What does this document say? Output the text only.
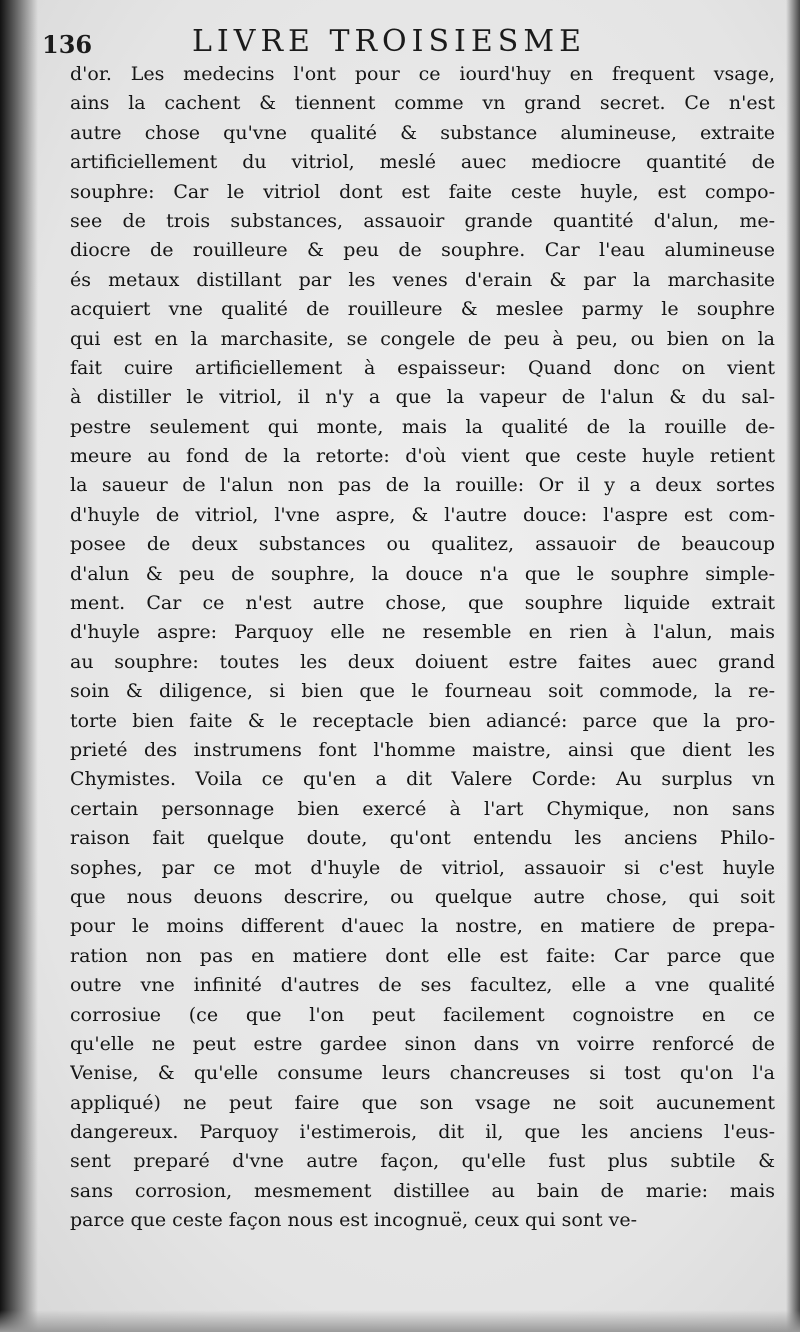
136	LIVRE TROISIESME
d'or. Les medecins l'ont pour ce iourd'huy en frequent vsage,
ains la cachent & tiennent comme vn grand secret. Ce n'est
autre chose qu'vne qualité & substance alumineuse, extraite
artificiellement du vitriol, meslé auec mediocre quantité de
souphre: Car le vitriol dont est faite ceste huyle, est compo-
see de trois substances, assauoir grande quantité d'alun, me-
diocre de rouilleure & peu de souphre. Car l'eau alumineuse
és metaux distillant par les venes d'erain & par la marchasite
acquiert vne qualité de rouilleure & meslee parmy le souphre
qui est en la marchasite, se congele de peu à peu, ou bien on la
fait cuire artificiellement à espaisseur: Quand donc on vient
à distiller le vitriol, il n'y a que la vapeur de l'alun & du sal-
pestre seulement qui monte, mais la qualité de la rouille de-
meure au fond de la retorte: d'où vient que ceste huyle retient
la saueur de l'alun non pas de la rouille: Or il y a deux sortes
d'huyle de vitriol, l'vne aspre, & l'autre douce: l'aspre est com-
posee de deux substances ou qualitez, assauoir de beaucoup
d'alun & peu de souphre, la douce n'a que le souphre simple-
ment. Car ce n'est autre chose, que souphre liquide extrait
d'huyle aspre: Parquoy elle ne resemble en rien à l'alun, mais
au souphre: toutes les deux doiuent estre faites auec grand
soin & diligence, si bien que le fourneau soit commode, la re-
torte bien faite & le receptacle bien adiancé: parce que la pro-
prieté des instrumens font l'homme maistre, ainsi que dient les
Chymistes. Voila ce qu'en a dit Valere Corde: Au surplus vn
certain personnage bien exercé à l'art Chymique, non sans
raison fait quelque doute, qu'ont entendu les anciens Philo-
sophes, par ce mot d'huyle de vitriol, assauoir si c'est huyle
que nous deuons descrire, ou quelque autre chose, qui soit
pour le moins different d'auec la nostre, en matiere de prepa-
ration non pas en matiere dont elle est faite: Car parce que
outre vne infinité d'autres de ses facultez, elle a vne qualité
corrosiue (ce que l'on peut facilement cognoistre en ce
qu'elle ne peut estre gardee sinon dans vn voirre renforcé de
Venise, & qu'elle consume leurs chancreuses si tost qu'on l'a
appliqué) ne peut faire que son vsage ne soit aucunement
dangereux. Parquoy i'estimerois, dit il, que les anciens l'eus-
sent preparé d'vne autre façon, qu'elle fust plus subtile &
sans corrosion, mesmement distillee au bain de marie: mais
parce que ceste façon nous est incognuë, ceux qui sont ve-
